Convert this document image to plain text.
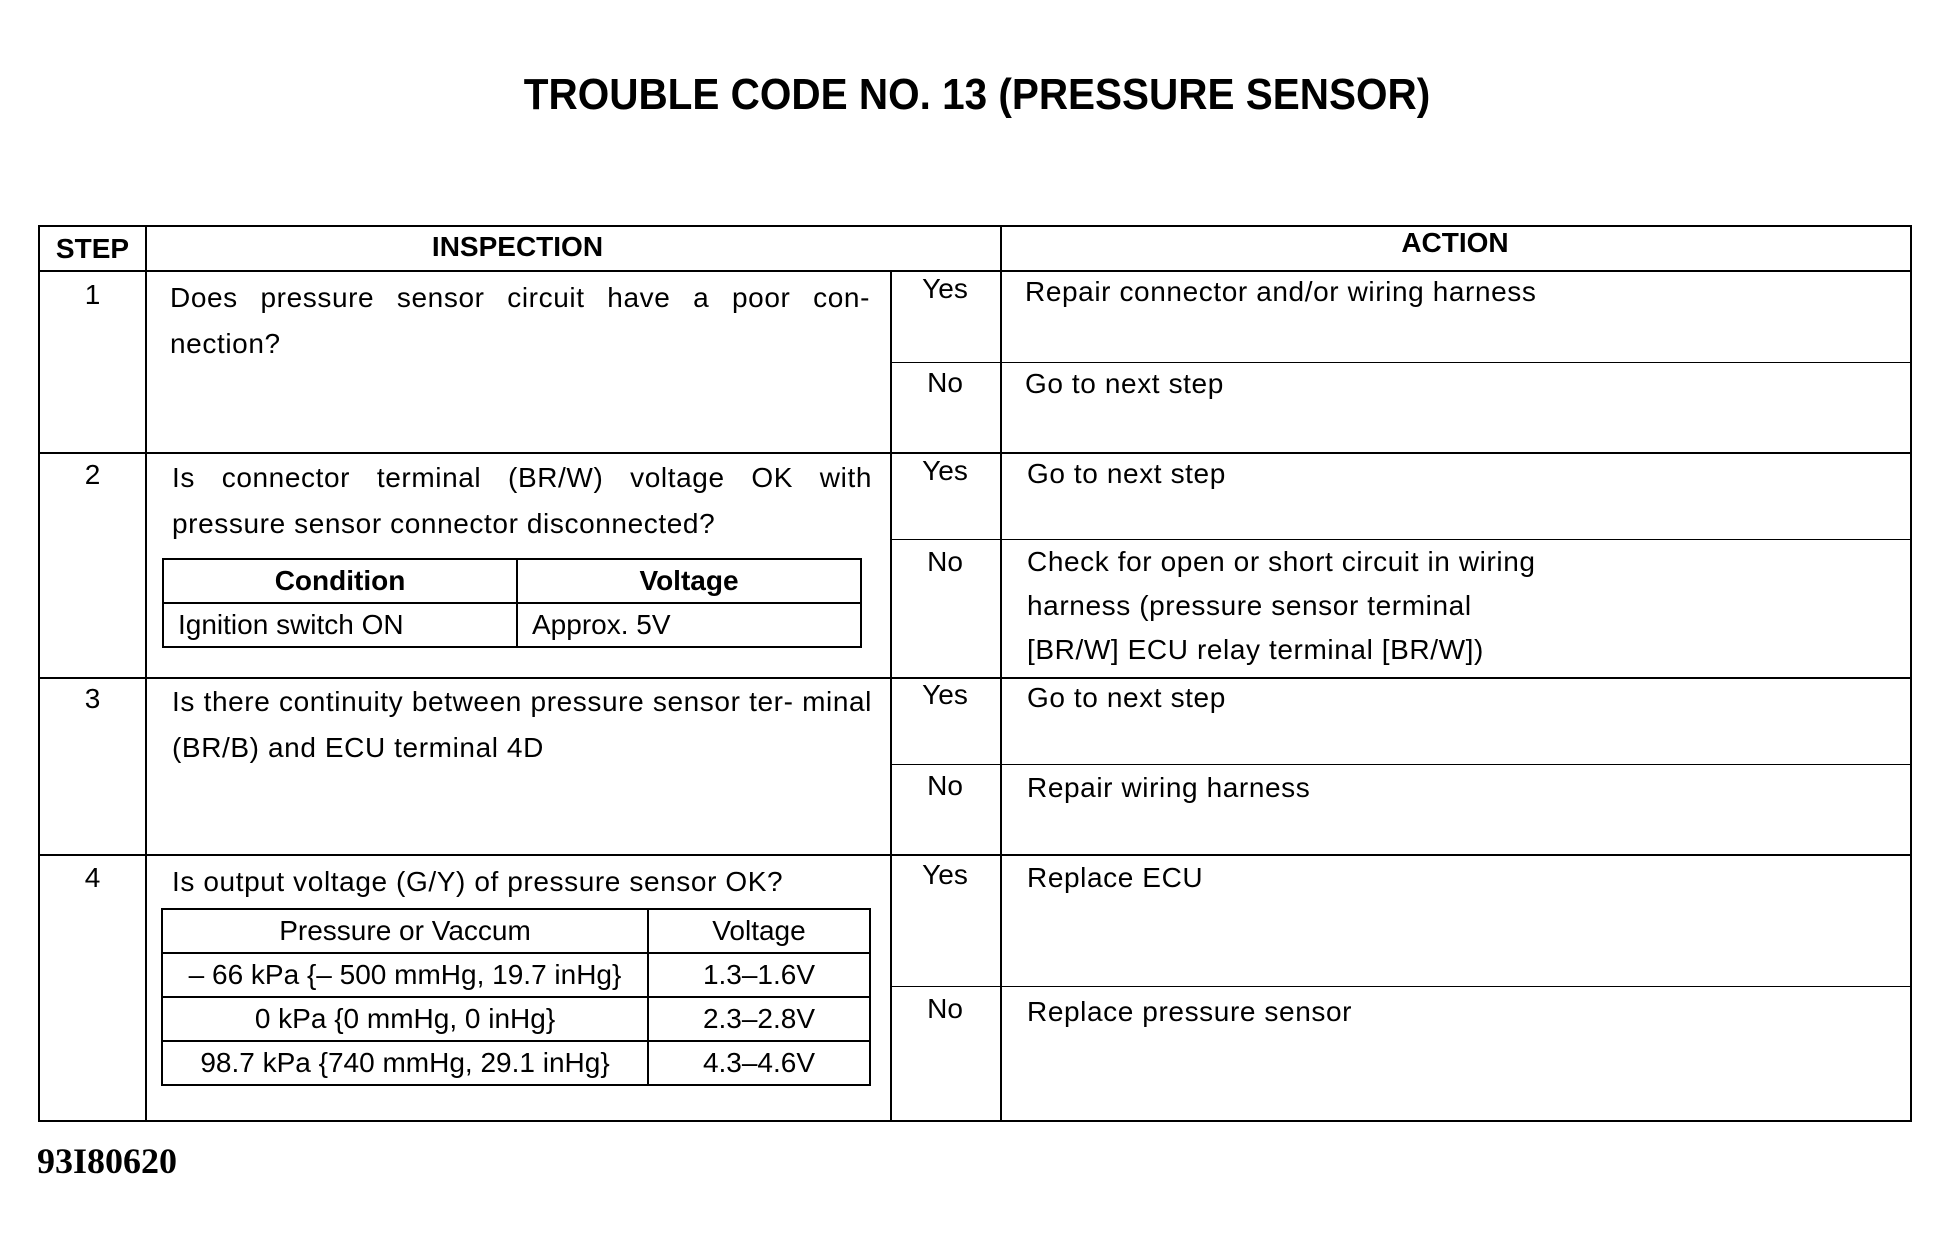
TROUBLE CODE NO. 13 (PRESSURE SENSOR)
STEP	INSPECTION	ACTION
1	Does pressure sensor circuit have a poor con- nection?
Yes	Repair connector and/or wiring harness
No	Go to next step
2	Is connector terminal (BR/W) voltage OK with pressure sensor connector disconnected?
Condition	Voltage
Ignition switch ON	Approx. 5V
Yes	Go to next step
No	Check for open or short circuit in wiring
harness (pressure sensor terminal
[BR/W] ECU relay terminal [BR/W])
3	Is there continuity between pressure sensor ter- minal (BR/B) and ECU terminal 4D
Yes	Go to next step
No	Repair wiring harness
4	Is output voltage (G/Y) of pressure sensor OK?
Pressure or Vaccum	Voltage
– 66 kPa {– 500 mmHg, 19.7 inHg}	1.3–1.6V
0 kPa {0 mmHg, 0 inHg}	2.3–2.8V
98.7 kPa {740 mmHg, 29.1 inHg}	4.3–4.6V
Yes	Replace ECU
No	Replace pressure sensor
93I80620
